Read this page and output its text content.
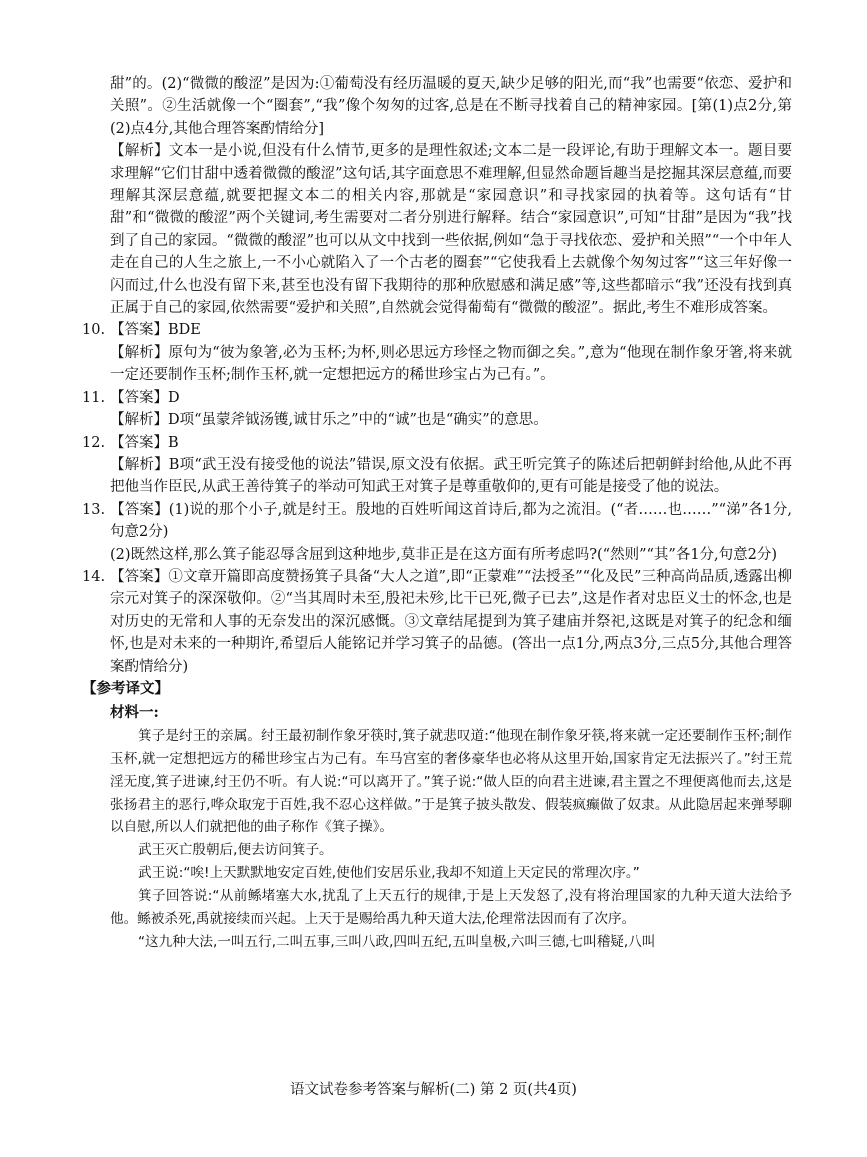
甜”的。(2)“微微的酸涩”是因为:①葡萄没有经历温暖的夏天,缺少足够的阳光,而“我”也需要“依恋、爱护和关照”。②生活就像一个“圈套”,“我”像个匆匆的过客,总是在不断寻找着自己的精神家园。[第(1)点2分,第(2)点4分,其他合理答案酌情给分]

【解析】文本一是小说,但没有什么情节,更多的是理性叙述;文本二是一段评论,有助于理解文本一。题目要求理解“它们甘甜中透着微微的酸涩”这句话,其字面意思不难理解,但显然命题旨趣当是挖掘其深层意蕴,而要理解其深层意蕴,就要把握文本二的相关内容,那就是“家园意识”和寻找家园的执着等。这句话有“甘甜”和“微微的酸涩”两个关键词,考生需要对二者分别进行解释。结合“家园意识”,可知“甘甜”是因为“我”找到了自己的家园。“微微的酸涩”也可以从文中找到一些依据,例如“急于寻找依恋、爱护和关照”“一个中年人走在自己的人生之旅上,一不小心就陷入了一个古老的圈套”“它使我看上去就像个匆匆过客”“这三年好像一闪而过,什么也没有留下来,甚至也没有留下我期待的那种欣慰感和满足感”等,这些都暗示“我”还没有找到真正属于自己的家园,依然需要“爱护和关照”,自然就会觉得葡萄有“微微的酸涩”。据此,考生不难形成答案。

10. 【答案】BDE

【解析】原句为“彼为象箸,必为玉杯;为杯,则必思远方珍怪之物而御之矣。”,意为“他现在制作象牙箸,将来就一定还要制作玉杯;制作玉杯,就一定想把远方的稀世珍宝占为己有。”。

11. 【答案】D

【解析】D项“虽蒙斧钺汤镬,诚甘乐之”中的“诚”也是“确实”的意思。

12. 【答案】B

【解析】B项“武王没有接受他的说法”错误,原文没有依据。武王听完箕子的陈述后把朝鲜封给他,从此不再把他当作臣民,从武王善待箕子的举动可知武王对箕子是尊重敬仰的,更有可能是接受了他的说法。

13. 【答案】(1)说的那个小子,就是纣王。殷地的百姓听闻这首诗后,都为之流泪。(“者……也……”“涕”各1分,句意2分)

(2)既然这样,那么箕子能忍辱含屈到这种地步,莫非正是在这方面有所考虑吗?(“然则”“其”各1分,句意2分)

14. 【答案】①文章开篇即高度赞扬箕子具备“大人之道”,即“正蒙难”“法授圣”“化及民”三种高尚品质,透露出柳宗元对箕子的深深敬仰。②“当其周时未至,殷祀未殄,比干已死,微子已去”,这是作者对忠臣义士的怀念,也是对历史的无常和人事的无奈发出的深沉感慨。③文章结尾提到为箕子建庙并祭祀,这既是对箕子的纪念和缅怀,也是对未来的一种期许,希望后人能铭记并学习箕子的品德。(答出一点1分,两点3分,三点5分,其他合理答案酌情给分)

【参考译文】

材料一:

箕子是纣王的亲属。纣王最初制作象牙筷时,箕子就悲叹道:“他现在制作象牙筷,将来就一定还要制作玉杯;制作玉杯,就一定想把远方的稀世珍宝占为己有。车马宫室的奢侈豪华也必将从这里开始,国家肯定无法振兴了。”纣王荒淫无度,箕子进谏,纣王仍不听。有人说:“可以离开了。”箕子说:“做人臣的向君主进谏,君主置之不理便离他而去,这是张扬君主的恶行,哗众取宠于百姓,我不忍心这样做。”于是箕子披头散发、假装疯癫做了奴隶。从此隐居起来弹琴聊以自慰,所以人们就把他的曲子称作《箕子操》。

武王灭亡殷朝后,便去访问箕子。

武王说:“唉!上天默默地安定百姓,使他们安居乐业,我却不知道上天定民的常理次序。”

箕子回答说:“从前鲧堵塞大水,扰乱了上天五行的规律,于是上天发怒了,没有将治理国家的九种天道大法给予他。鲧被杀死,禹就接续而兴起。上天于是赐给禹九种天道大法,伦理常法因而有了次序。

“这九种大法,一叫五行,二叫五事,三叫八政,四叫五纪,五叫皇极,六叫三德,七叫稽疑,八叫

语文试卷参考答案与解析(二) 第 2 页(共4页)
